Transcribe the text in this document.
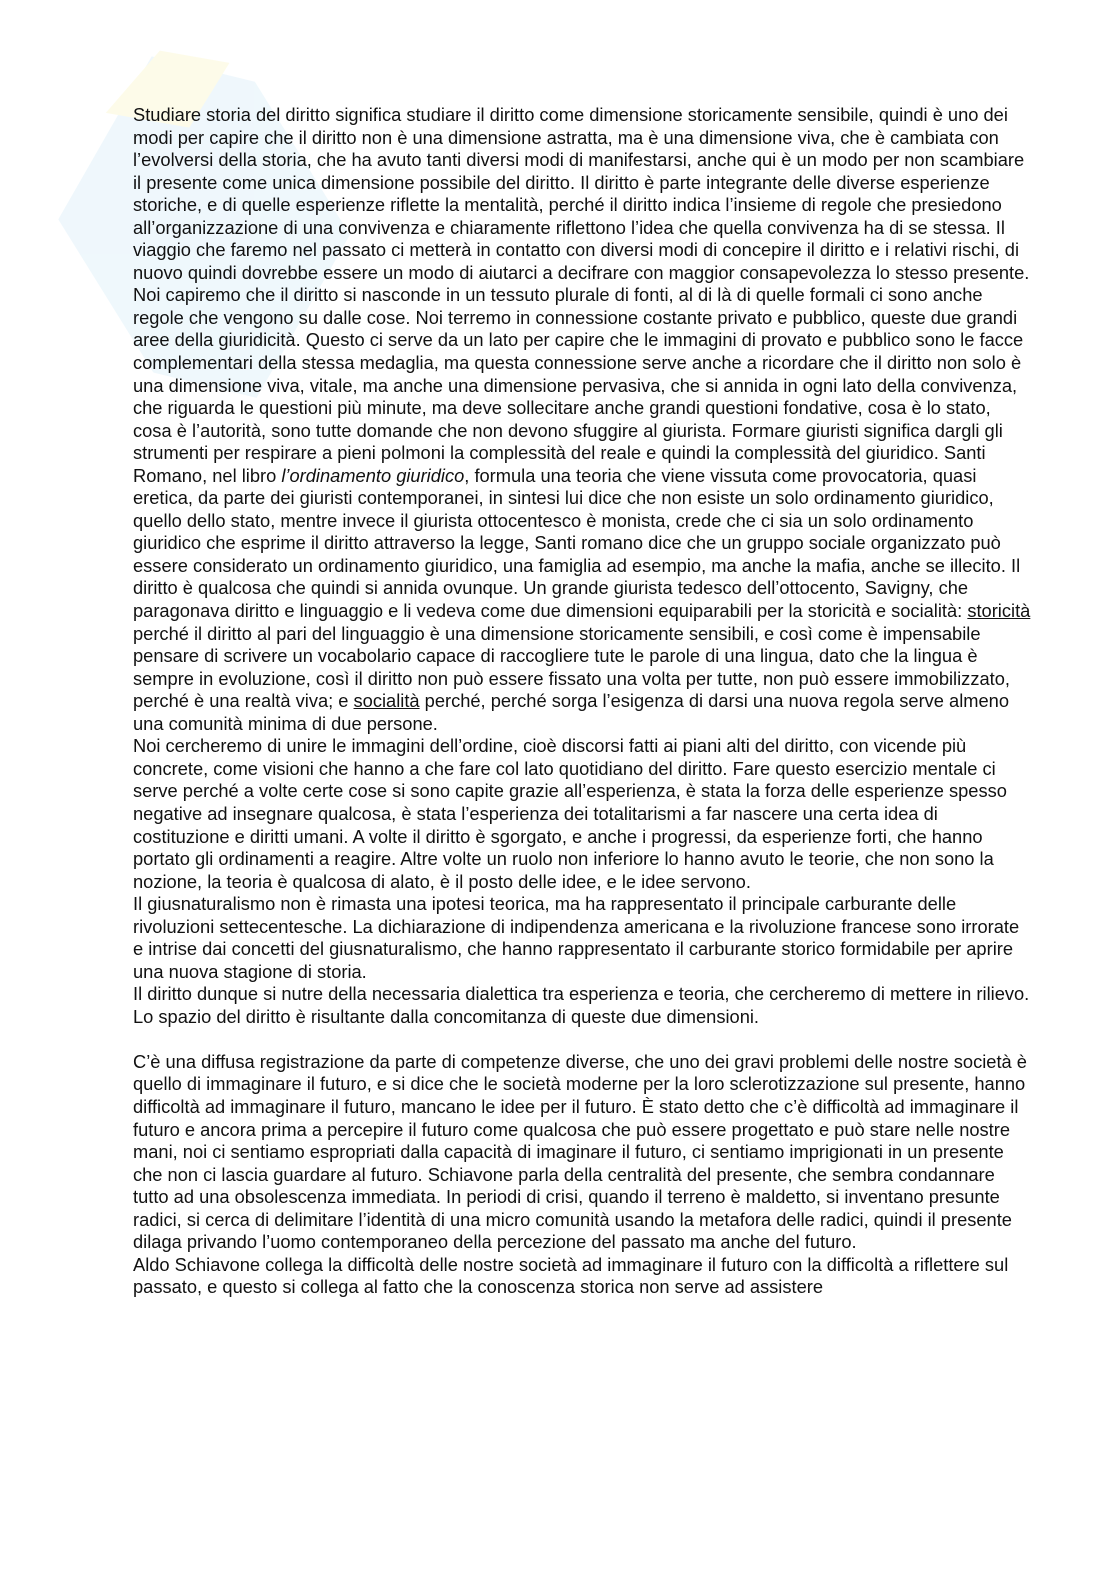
Studiare storia del diritto significa studiare il diritto come dimensione storicamente sensibile, quindi è uno dei modi per capire che il diritto non è una dimensione astratta, ma è una dimensione viva, che è cambiata con l’evolversi della storia, che ha avuto tanti diversi modi di manifestarsi, anche qui è un modo per non scambiare il presente come unica dimensione possibile del diritto. Il diritto è parte integrante delle diverse esperienze storiche, e di quelle esperienze riflette la mentalità, perché il diritto indica l’insieme di regole che presiedono all’organizzazione di una convivenza e chiaramente riflettono l’idea che quella convivenza ha di se stessa. Il viaggio che faremo nel passato ci metterà in contatto con diversi modi di concepire il diritto e i relativi rischi, di nuovo quindi dovrebbe essere un modo di aiutarci a decifrare con maggior consapevolezza lo stesso presente. Noi capiremo che il diritto si nasconde in un tessuto plurale di fonti, al di là di quelle formali ci sono anche regole che vengono su dalle cose. Noi terremo in connessione costante privato e pubblico, queste due grandi aree della giuridicità. Questo ci serve da un lato per capire che le immagini di provato e pubblico sono le facce complementari della stessa medaglia, ma questa connessione serve anche a ricordare che il diritto non solo è una dimensione viva, vitale, ma anche una dimensione pervasiva, che si annida in ogni lato della convivenza, che riguarda le questioni più minute, ma deve sollecitare anche grandi questioni fondative, cosa è lo stato, cosa è l’autorità, sono tutte domande che non devono sfuggire al giurista. Formare giuristi significa dargli gli strumenti per respirare a pieni polmoni la complessità del reale e quindi la complessità del giuridico. Santi Romano, nel libro l’ordinamento giuridico, formula una teoria che viene vissuta come provocatoria, quasi eretica, da parte dei giuristi contemporanei, in sintesi lui dice che non esiste un solo ordinamento giuridico, quello dello stato, mentre invece il giurista ottocentesco è monista, crede che ci sia un solo ordinamento giuridico che esprime il diritto attraverso la legge, Santi romano dice che un gruppo sociale organizzato può essere considerato un ordinamento giuridico, una famiglia ad esempio, ma anche la mafia, anche se illecito. Il diritto è qualcosa che quindi si annida ovunque. Un grande giurista tedesco dell’ottocento, Savigny, che paragonava diritto e linguaggio e li vedeva come due dimensioni equiparabili per la storicità e socialità: storicità perché il diritto al pari del linguaggio è una dimensione storicamente sensibili, e così come è impensabile pensare di scrivere un vocabolario capace di raccogliere tute le parole di una lingua, dato che la lingua è sempre in evoluzione, così il diritto non può essere fissato una volta per tutte, non può essere immobilizzato, perché è una realtà viva; e socialità perché, perché sorga l’esigenza di darsi una nuova regola serve almeno una comunità minima di due persone.

Noi cercheremo di unire le immagini dell’ordine, cioè discorsi fatti ai piani alti del diritto, con vicende più concrete, come visioni che hanno a che fare col lato quotidiano del diritto. Fare questo esercizio mentale ci serve perché a volte certe cose si sono capite grazie all’esperienza, è stata la forza delle esperienze spesso negative ad insegnare qualcosa, è stata l’esperienza dei totalitarismi a far nascere una certa idea di costituzione e diritti umani. A volte il diritto è sgorgato, e anche i progressi, da esperienze forti, che hanno portato gli ordinamenti a reagire. Altre volte un ruolo non inferiore lo hanno avuto le teorie, che non sono la nozione, la teoria è qualcosa di alato, è il posto delle idee, e le idee servono.

Il giusnaturalismo non è rimasta una ipotesi teorica, ma ha rappresentato il principale carburante delle rivoluzioni settecentesche. La dichiarazione di indipendenza americana e la rivoluzione francese sono irrorate e intrise dai concetti del giusnaturalismo, che hanno rappresentato il carburante storico formidabile per aprire una nuova stagione di storia.

Il diritto dunque si nutre della necessaria dialettica tra esperienza e teoria, che cercheremo di mettere in rilievo. Lo spazio del diritto è risultante dalla concomitanza di queste due dimensioni.

C’è una diffusa registrazione da parte di competenze diverse, che uno dei gravi problemi delle nostre società è quello di immaginare il futuro, e si dice che le società moderne per la loro sclerotizzazione sul presente, hanno difficoltà ad immaginare il futuro, mancano le idee per il futuro. È stato detto che c’è difficoltà ad immaginare il futuro e ancora prima a percepire il futuro come qualcosa che può essere progettato e può stare nelle nostre mani, noi ci sentiamo espropriati dalla capacità di imaginare il futuro, ci sentiamo imprigionati in un presente che non ci lascia guardare al futuro. Schiavone parla della centralità del presente, che sembra condannare tutto ad una obsolescenza immediata. In periodi di crisi, quando il terreno è maldetto, si inventano presunte radici, si cerca di delimitare l’identità di una micro comunità usando la metafora delle radici, quindi il presente dilaga privando l’uomo contemporaneo della percezione del passato ma anche del futuro.

Aldo Schiavone collega la difficoltà delle nostre società ad immaginare il futuro con la difficoltà a riflettere sul passato, e questo si collega al fatto che la conoscenza storica non serve ad assistere
